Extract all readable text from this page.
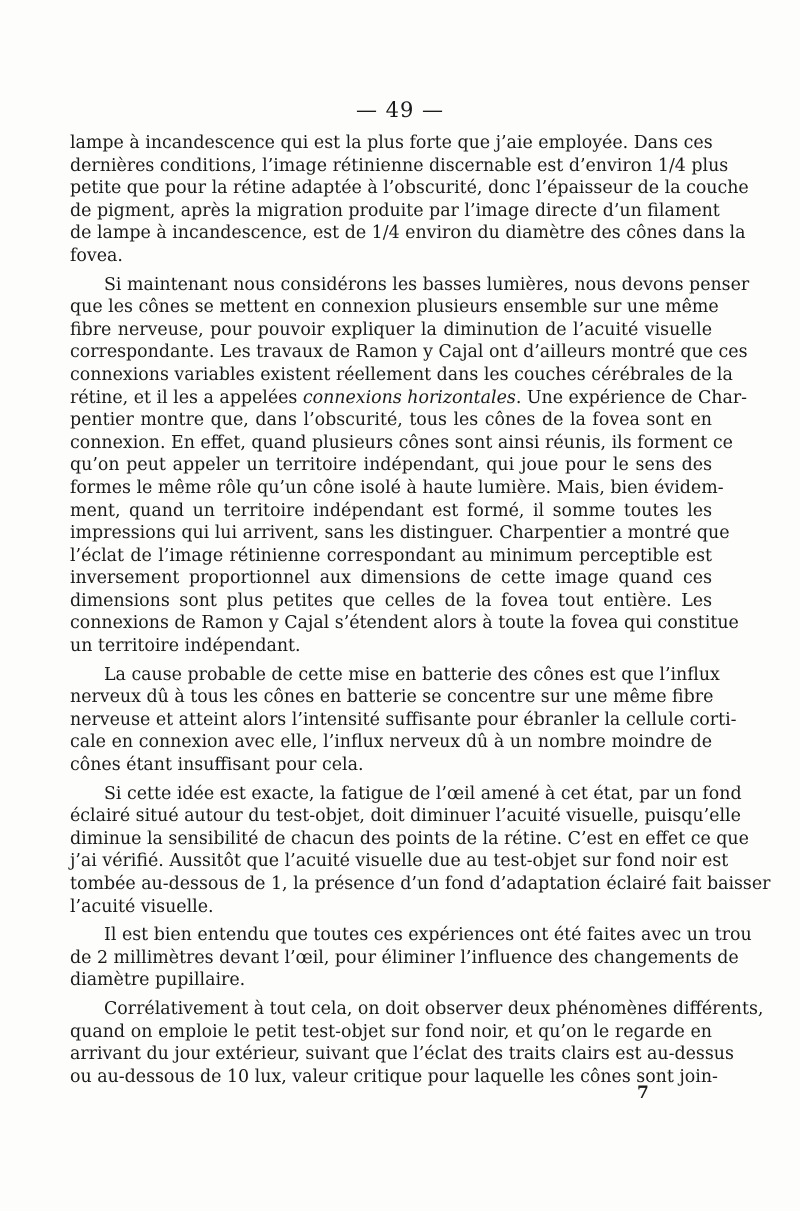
— 49 —
lampe à incandescence qui est la plus forte que j’aie employée. Dans ces
dernières conditions, l’image rétinienne discernable est d’environ 1/4 plus
petite que pour la rétine adaptée à l’obscurité, donc l’épaisseur de la couche
de pigment, après la migration produite par l’image directe d’un filament
de lampe à incandescence, est de 1/4 environ du diamètre des cônes dans la
fovea.
Si maintenant nous considérons les basses lumières, nous devons penser
que les cônes se mettent en connexion plusieurs ensemble sur une même
fibre nerveuse, pour pouvoir expliquer la diminution de l’acuité visuelle
correspondante. Les travaux de Ramon y Cajal ont d’ailleurs montré que ces
connexions variables existent réellement dans les couches cérébrales de la
rétine, et il les a appelées connexions horizontales. Une expérience de Char-
pentier montre que, dans l’obscurité, tous les cônes de la fovea sont en
connexion. En effet, quand plusieurs cônes sont ainsi réunis, ils forment ce
qu’on peut appeler un territoire indépendant, qui joue pour le sens des
formes le même rôle qu’un cône isolé à haute lumière. Mais, bien évidem-
ment, quand un territoire indépendant est formé, il somme toutes les
impressions qui lui arrivent, sans les distinguer. Charpentier a montré que
l’éclat de l’image rétinienne correspondant au minimum perceptible est
inversement proportionnel aux dimensions de cette image quand ces
dimensions sont plus petites que celles de la fovea tout entière. Les
connexions de Ramon y Cajal s’étendent alors à toute la fovea qui constitue
un territoire indépendant.
La cause probable de cette mise en batterie des cônes est que l’influx
nerveux dû à tous les cônes en batterie se concentre sur une même fibre
nerveuse et atteint alors l’intensité suffisante pour ébranler la cellule corti-
cale en connexion avec elle, l’influx nerveux dû à un nombre moindre de
cônes étant insuffisant pour cela.
Si cette idée est exacte, la fatigue de l’œil amené à cet état, par un fond
éclairé situé autour du test-objet, doit diminuer l’acuité visuelle, puisqu’elle
diminue la sensibilité de chacun des points de la rétine. C’est en effet ce que
j’ai vérifié. Aussitôt que l’acuité visuelle due au test-objet sur fond noir est
tombée au-dessous de 1, la présence d’un fond d’adaptation éclairé fait baisser
l’acuité visuelle.
Il est bien entendu que toutes ces expériences ont été faites avec un trou
de 2 millimètres devant l’œil, pour éliminer l’influence des changements de
diamètre pupillaire.
Corrélativement à tout cela, on doit observer deux phénomènes différents,
quand on emploie le petit test-objet sur fond noir, et qu’on le regarde en
arrivant du jour extérieur, suivant que l’éclat des traits clairs est au-dessus
ou au-dessous de 10 lux, valeur critique pour laquelle les cônes sont join-
7
